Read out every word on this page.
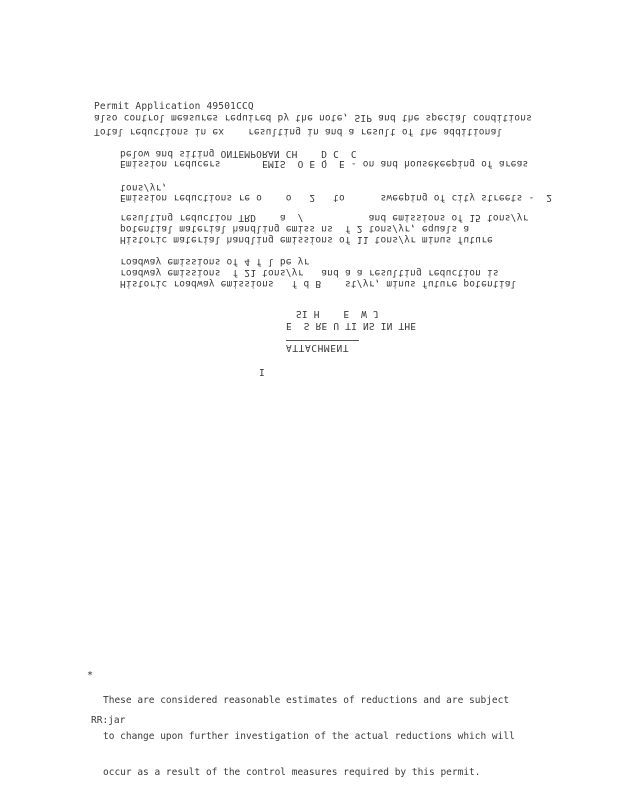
Permit Application 49501CCQ
also control measures required by the note, SIP and the special conditions
Total reductions in ex    resulting in and a result of the additional
below and siting ONTEMPORAN CH    D C  C
Emission reducers       EMIS  O E Q  E - on and housekeeping of areas
tons/yr,
Emission reductions re o    o   2   to      sweeping of city streets -  2
resulting reduction TRD    a  /           and emissions of 15 tons/yr
potential material handling emiss ns  f 2 tons/yr, equals a
Historic material handling emissions of 11 tons/yr minus future
roadway emissions of 4 f l be yr
roadway emissions  f 21 tons/yr   and a a resulting reduction is
Historic roadway emissions   f d B    st/yr, minus future potential
SI H    E  W J
E  S RE U TI NS IN THE
ATTACHMENT
I
*

These are considered reasonable estimates of reductions and are subject

to change upon further investigation of the actual reductions which will

occur as a result of the control measures required by this permit.

RR:jar
